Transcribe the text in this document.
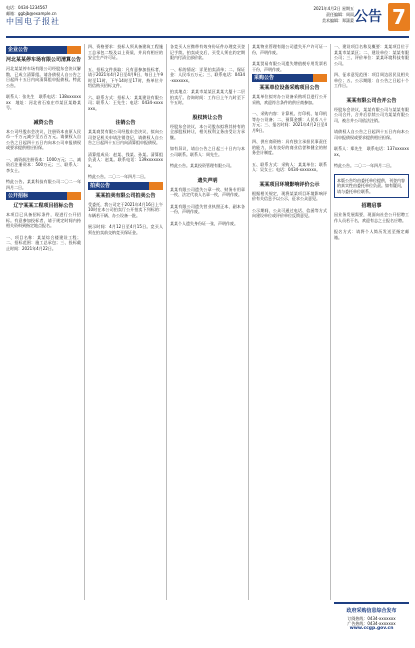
电话：0434-1234567
邮箱：ggbjb@example.cn
中国电子报社
2021年4月2日 星期五
责任编辑：周雨
美术编辑：郑潇蒙 公告 7
企业公告
河北某某停车场有限公司清算公告
河北某某停车场有限公司经股东会决议解散，已成立清算组。请各债权人自公告之日起四十五日内向清算组申报债权。特此公告。
联系人：张先生　联系电话：138xxxxxxxx　地址：河北省石家庄市某区某路某号。
减资公告
本公司经股东会决议，注册资本由原人民币一千万元减少至五百万元。请债权人自公告之日起四十五日内向本公司申报债权或要求提供相应担保。
一、减资前注册资本：1000万元；二、减资后注册资本：500万元；三、联系人：李女士。
特此公告。某某科技有限公司二〇二一年四月二日。
公开招标
辽宁某某工程项目招标公告
本项目已具备招标条件，现进行公开招标。有意参加投标者，请于规定时间内持相关资料到指定地点报名。
一、项目名称：某某综合楼建设工程；二、招标范围：施工总承包；三、投标截止时间：2021年4月22日。
四、资格要求：投标人须具备建筑工程施工总承包二级及以上资质，并具有相应的安全生产许可证。
五、招标文件获取：凡有意参加投标者，请于2021年4月2日至4月9日，每日上午9时至11时，下午14时至17时，持单位介绍信购买招标文件。
六、联系方式：招标人：某某建设有限公司；联系人：王先生；电话：0434-xxxxxxx。
注销公告
某某商贸有限公司经股东会决议，拟向公司登记机关申请注销登记，请债权人自公告之日起四十五日内向清算组申报债权。
清算组成员：赵某、钱某、孙某。清算组负责人：赵某。联系电话：139xxxxxxxx。
特此公告。二〇二一年四月二日。
拍卖公告
某某拍卖有限公司拍卖公告
受委托，我公司定于2021年4月16日上午10时在本公司拍卖厅公开拍卖下列标的：车辆若干辆、办公设备一批。
展示时间：4月12日至4月15日。竞买人须在拍卖前交纳竞买保证金。
各竞买人应携带有效身份证件办理竞买登记手续。拍卖成交后，买受人须在约定期限内付清全部价款。
一、标的情况：详见拍卖清单；二、保证金：人民币五万元；三、联系电话：0434-xxxxxxx。
拍卖地点：某某市某某区某某大厦十二层拍卖厅。咨询时间：工作日上午九时至下午五时。
股权转让公告
经股东会决议，本公司股东拟将其持有的全部股权转让，相关权利义务由受让方承继。
如有异议，请自公告之日起三十日内与本公司联系。联系人：周先生。
特此公告。某某投资管理有限公司。
遗失声明
某某有限公司遗失公章一枚、财务专用章一枚、法定代表人名章一枚，声明作废。
某某有限公司遗失营业执照正本、副本各一份，声明作废。
某某个人遗失身份证一张，声明作废。
某某物业管理有限公司遗失开户许可证一份，声明作废。
某某贸易有限公司遗失增值税专用发票若干份，声明作废。
采购公告
某某单位设备采购项目公告
某某单位拟对办公设备采购项目进行公开采购，欢迎符合条件的供应商参加。
一、采购内容：计算机、打印机、复印机等办公设备；二、预算金额：人民币八十万元；三、报名时间：2021年4月2日至4月9日。
四、供应商资格：具有独立承担民事责任的能力，具有良好的商业信誉和健全的财务会计制度。
五、联系方式：采购人：某某单位；联系人：吴女士；电话：0434-xxxxxxx。
某某项目环境影响评价公示
根据相关规定，现将某某项目环境影响评价有关信息予以公示，征求公众意见。
公示期间，公众可通过电话、信函等方式向建设单位或评价单位反馈意见。
一、建设项目名称及概要：某某项目位于某某市某某区；二、建设单位：某某有限公司；三、评价单位：某某环境科技有限公司。
四、征求意见范围：项目周边居民及相关单位；五、公示期限：自公告之日起十个工作日。
某某有限公司合并公告
经股东会决议，某某有限公司与某某有限公司合并，合并后存续公司为某某有限公司，被合并公司依法注销。
请债权人自公告之日起四十五日内向本公司申报债权或要求提供相应担保。
联系人：郑先生　联系电话：137xxxxxxxx。
特此公告。二〇二一年四月二日。
本版公告均由委托单位提供，刊登内容的真实性由委托单位负责。如有疑问，请与委托单位联系。
招聘启事
因业务发展需要，现面向社会公开招聘工作人员若干名，欢迎有志之士报名应聘。
报名方式：请将个人简历发送至指定邮箱。
政府采购信息综合发布
订阅热线：0434-xxxxxxx
广告热线：0434-xxxxxxx
www.ccgp.gov.cn
